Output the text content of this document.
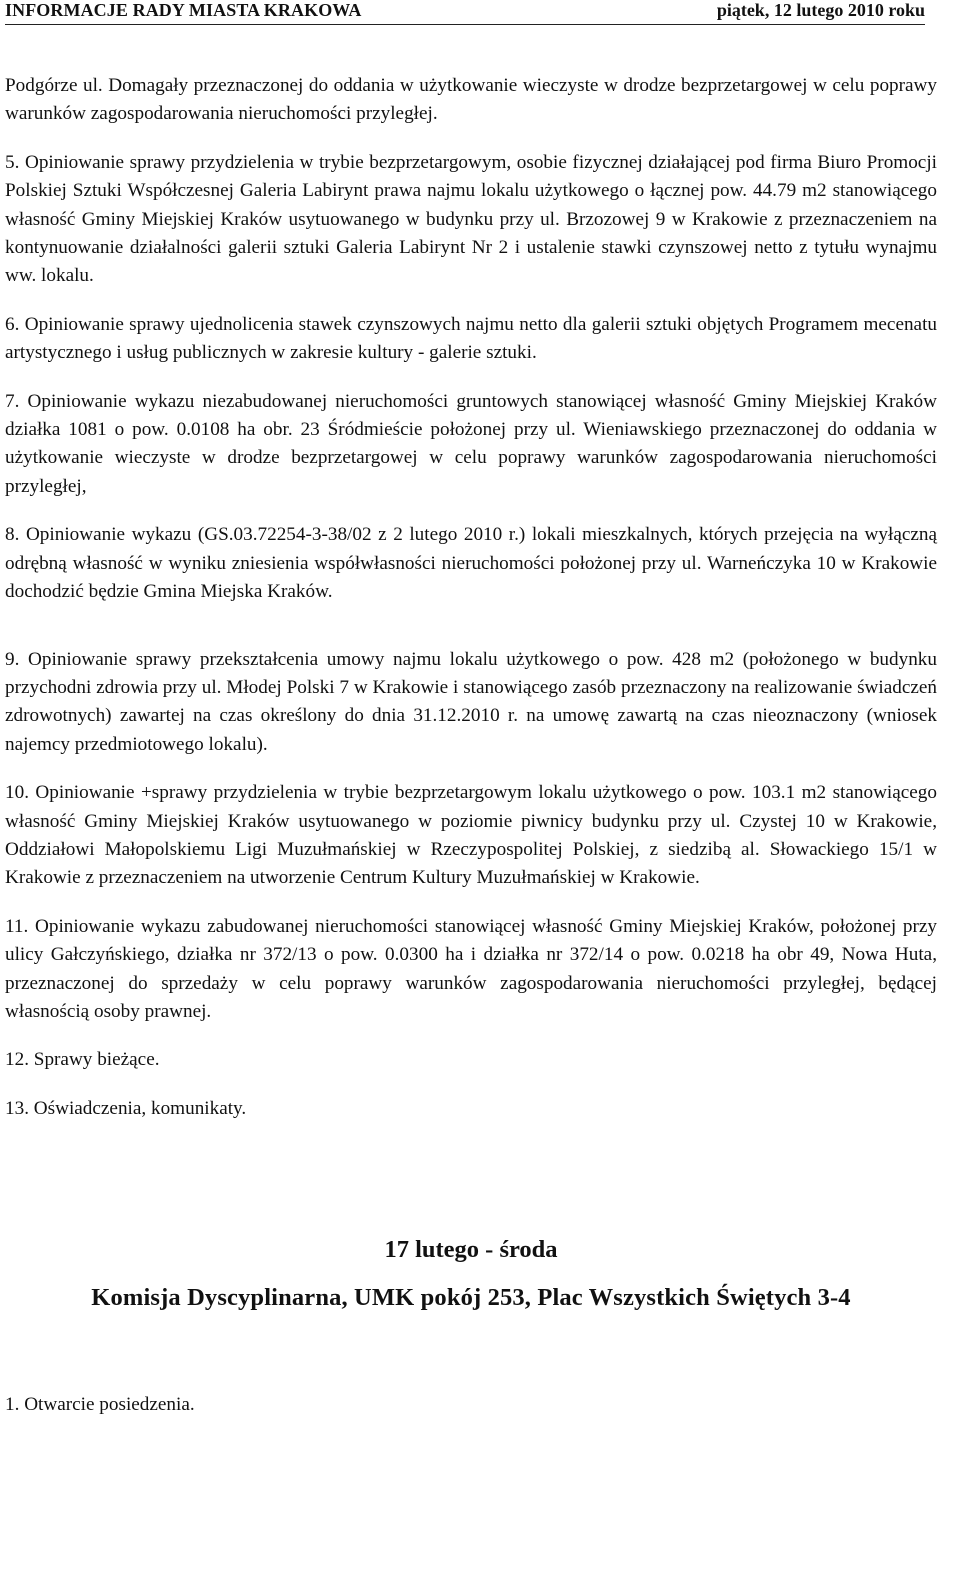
INFORMACJE RADY MIASTA KRAKOWA	piątek, 12 lutego 2010 roku

Podgórze ul. Domagały przeznaczonej do oddania w użytkowanie wieczyste w drodze bezprzetargowej w celu poprawy warunków zagospodarowania nieruchomości przyległej.

5. Opiniowanie sprawy przydzielenia w trybie bezprzetargowym, osobie fizycznej działającej pod firma Biuro Promocji Polskiej Sztuki Współczesnej Galeria Labirynt prawa najmu lokalu użytkowego o łącznej pow. 44.79 m2 stanowiącego własność Gminy Miejskiej Kraków usytuowanego w budynku przy ul. Brzozowej 9 w Krakowie z przeznaczeniem na kontynuowanie działalności galerii sztuki Galeria Labirynt Nr 2 i ustalenie stawki czynszowej netto z tytułu wynajmu ww. lokalu.

6. Opiniowanie sprawy ujednolicenia stawek czynszowych najmu netto dla galerii sztuki objętych Programem mecenatu artystycznego i usług publicznych w zakresie kultury - galerie sztuki.

7. Opiniowanie wykazu niezabudowanej nieruchomości gruntowych stanowiącej własność Gminy Miejskiej Kraków działka 1081 o pow. 0.0108 ha obr. 23 Śródmieście położonej przy ul. Wieniawskiego przeznaczonej do oddania w użytkowanie wieczyste w drodze bezprzetargowej w celu poprawy warunków zagospodarowania nieruchomości przyległej,

8. Opiniowanie wykazu (GS.03.72254-3-38/02 z 2 lutego 2010 r.) lokali mieszkalnych, których przejęcia na wyłączną odrębną własność w wyniku zniesienia współwłasności nieruchomości położonej przy ul. Warneńczyka 10 w Krakowie dochodzić będzie Gmina Miejska Kraków.

9. Opiniowanie sprawy przekształcenia umowy najmu lokalu użytkowego o pow. 428 m2 (położonego w budynku przychodni zdrowia przy ul. Młodej Polski 7 w Krakowie i stanowiącego zasób przeznaczony na realizowanie świadczeń zdrowotnych) zawartej na czas określony do dnia 31.12.2010 r. na umowę zawartą na czas nieoznaczony (wniosek najemcy przedmiotowego lokalu).

10. Opiniowanie +sprawy przydzielenia w trybie bezprzetargowym lokalu użytkowego o pow. 103.1 m2 stanowiącego własność Gminy Miejskiej Kraków usytuowanego w poziomie piwnicy budynku przy ul. Czystej 10 w Krakowie, Oddziałowi Małopolskiemu Ligi Muzułmańskiej w Rzeczypospolitej Polskiej, z siedzibą al. Słowackiego 15/1 w Krakowie z przeznaczeniem na utworzenie Centrum Kultury Muzułmańskiej w Krakowie.

11. Opiniowanie wykazu zabudowanej nieruchomości stanowiącej własność Gminy Miejskiej Kraków, położonej przy ulicy Gałczyńskiego, działka nr 372/13 o pow. 0.0300 ha i działka nr 372/14 o pow. 0.0218 ha obr 49, Nowa Huta, przeznaczonej do sprzedaży w celu poprawy warunków zagospodarowania nieruchomości przyległej, będącej własnością osoby prawnej.

12. Sprawy bieżące.

13. Oświadczenia, komunikaty.

17 lutego - środa

Komisja Dyscyplinarna, UMK pokój 253, Plac Wszystkich Świętych 3-4

1. Otwarcie posiedzenia.
